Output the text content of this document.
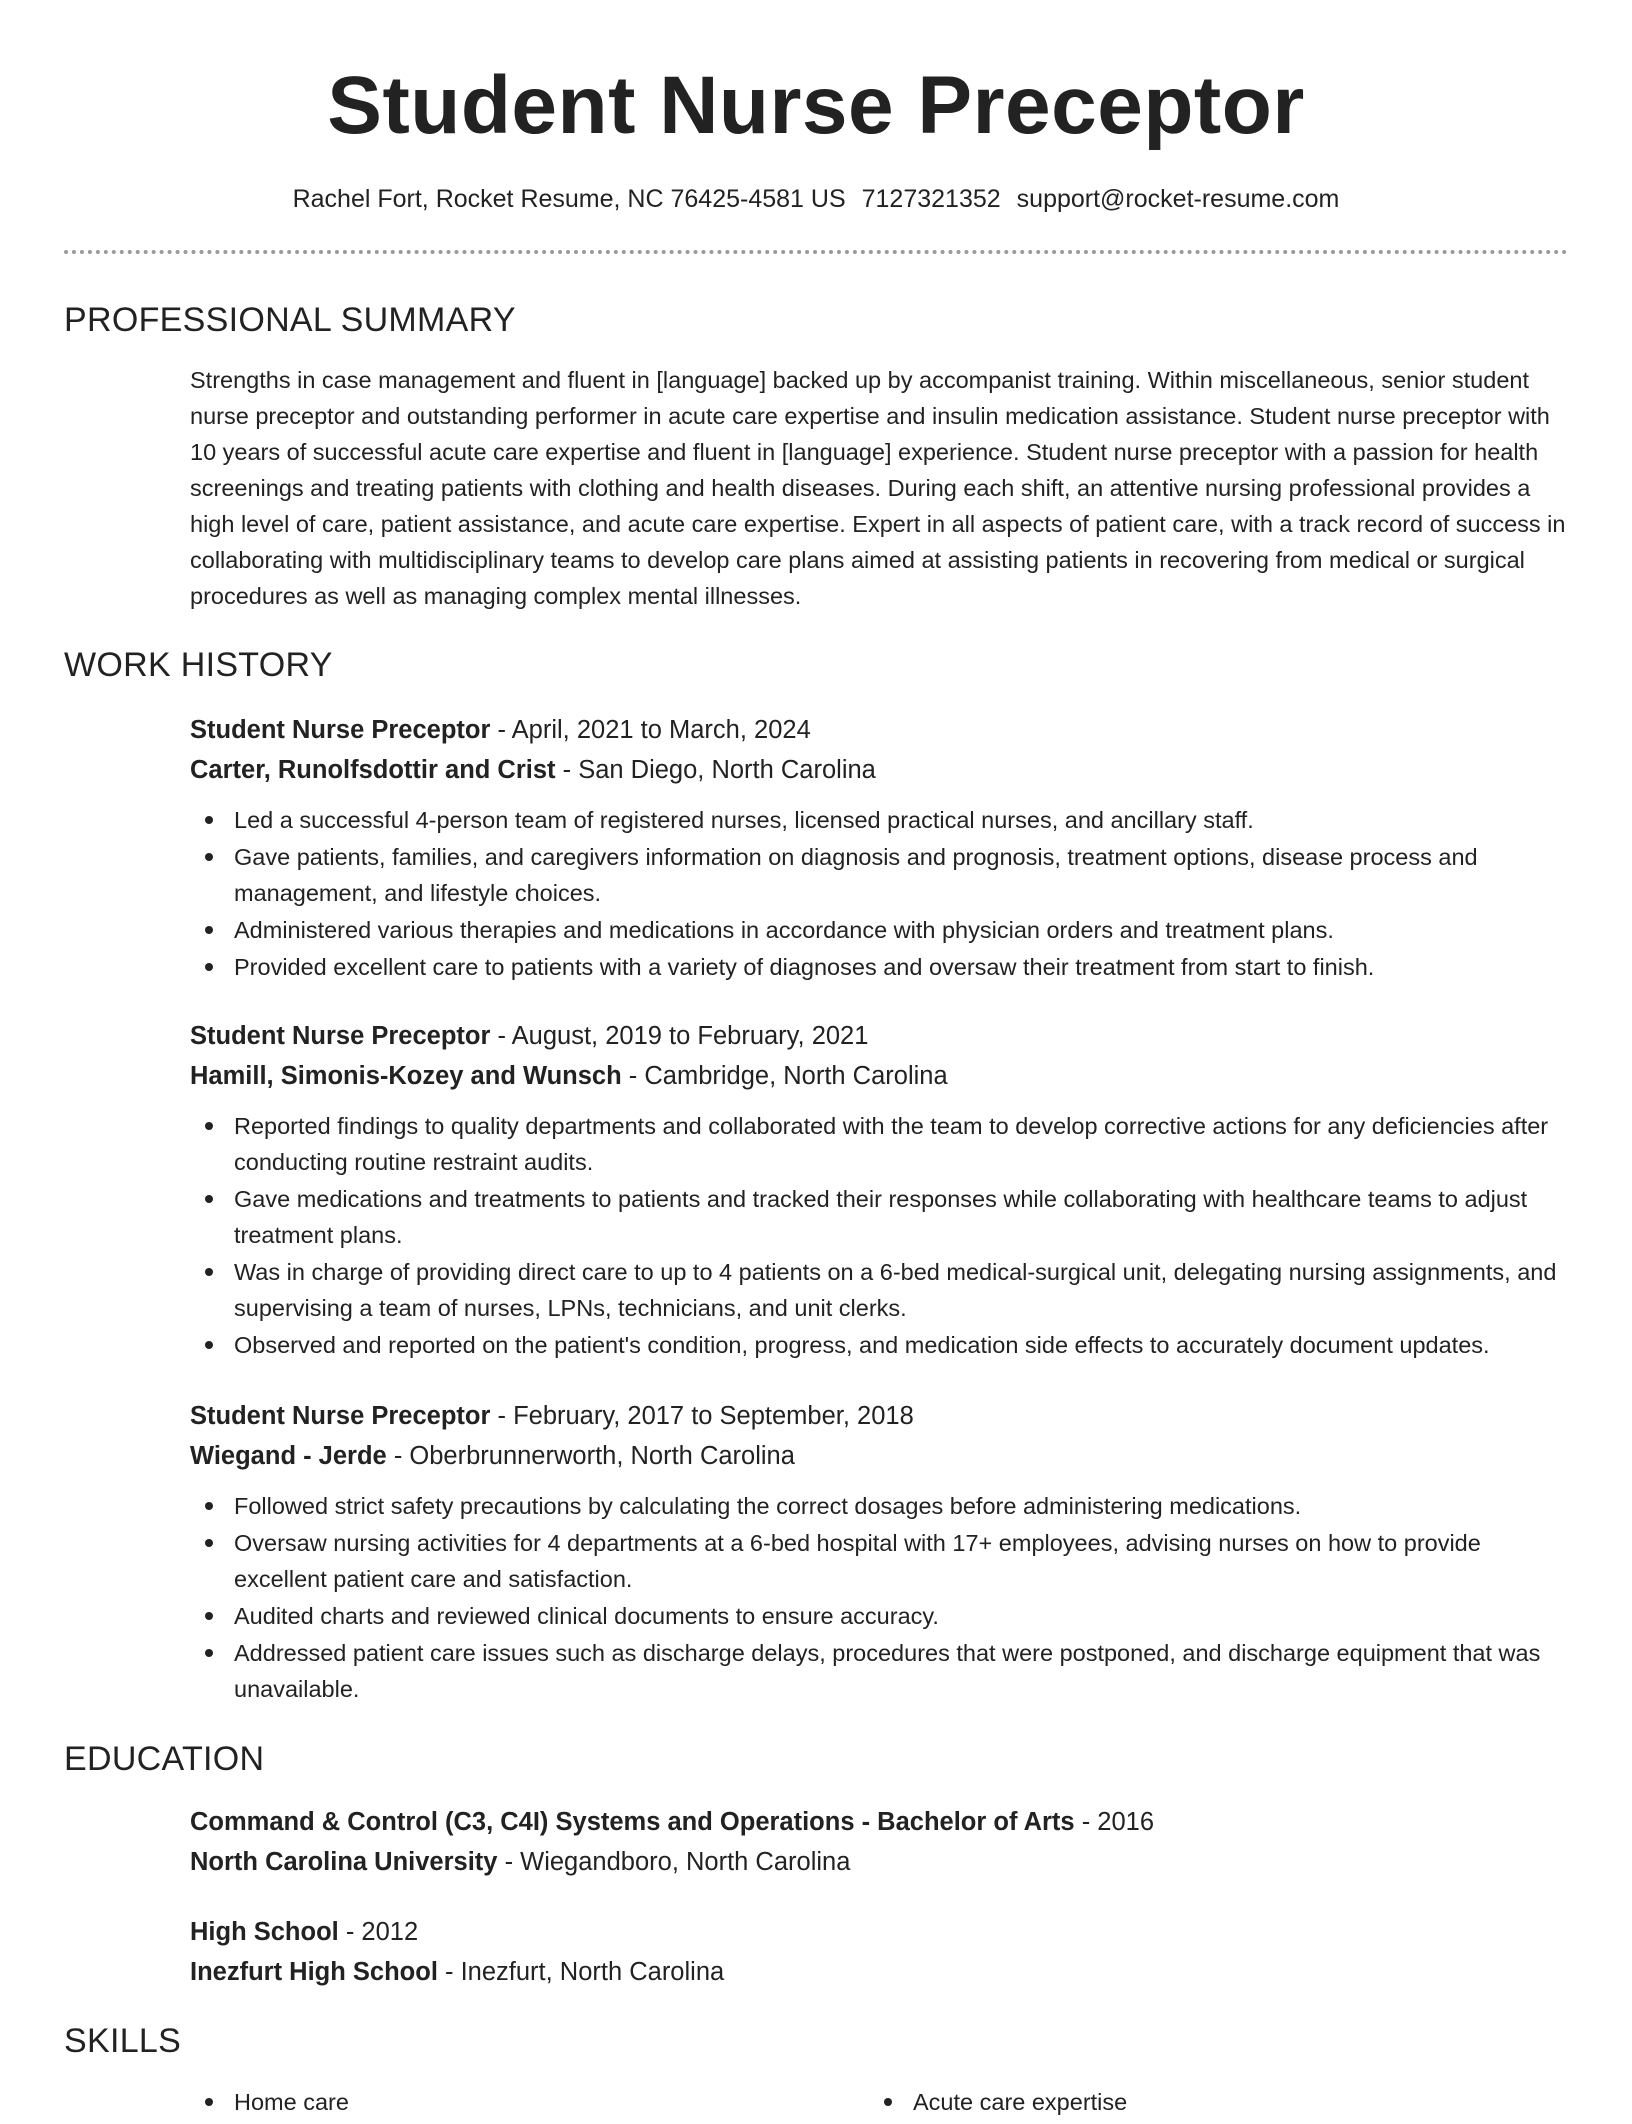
Student Nurse Preceptor
Rachel Fort, Rocket Resume, NC 76425-4581 US 7127321352 support@rocket-resume.com
PROFESSIONAL SUMMARY

Strengths in case management and fluent in [language] backed up by accompanist training. Within miscellaneous, senior student nurse preceptor and outstanding performer in acute care expertise and insulin medication assistance. Student nurse preceptor with 10 years of successful acute care expertise and fluent in [language] experience. Student nurse preceptor with a passion for health screenings and treating patients with clothing and health diseases. During each shift, an attentive nursing professional provides a high level of care, patient assistance, and acute care expertise. Expert in all aspects of patient care, with a track record of success in collaborating with multidisciplinary teams to develop care plans aimed at assisting patients in recovering from medical or surgical procedures as well as managing complex mental illnesses.

WORK HISTORY
Student Nurse Preceptor - April, 2021 to March, 2024
Carter, Runolfsdottir and Crist - San Diego, North Carolina
Led a successful 4-person team of registered nurses, licensed practical nurses, and ancillary staff.
Gave patients, families, and caregivers information on diagnosis and prognosis, treatment options, disease process and management, and lifestyle choices.
Administered various therapies and medications in accordance with physician orders and treatment plans.
Provided excellent care to patients with a variety of diagnoses and oversaw their treatment from start to finish.
Student Nurse Preceptor - August, 2019 to February, 2021
Hamill, Simonis-Kozey and Wunsch - Cambridge, North Carolina
Reported findings to quality departments and collaborated with the team to develop corrective actions for any deficiencies after conducting routine restraint audits.
Gave medications and treatments to patients and tracked their responses while collaborating with healthcare teams to adjust treatment plans.
Was in charge of providing direct care to up to 4 patients on a 6-bed medical-surgical unit, delegating nursing assignments, and supervising a team of nurses, LPNs, technicians, and unit clerks.
Observed and reported on the patient's condition, progress, and medication side effects to accurately document updates.
Student Nurse Preceptor - February, 2017 to September, 2018
Wiegand - Jerde - Oberbrunnerworth, North Carolina
Followed strict safety precautions by calculating the correct dosages before administering medications.
Oversaw nursing activities for 4 departments at a 6-bed hospital with 17+ employees, advising nurses on how to provide excellent patient care and satisfaction.
Audited charts and reviewed clinical documents to ensure accuracy.
Addressed patient care issues such as discharge delays, procedures that were postponed, and discharge equipment that was unavailable.
EDUCATION
Command & Control (C3, C4I) Systems and Operations - Bachelor of Arts - 2016
North Carolina University - Wiegandboro, North Carolina
High School - 2012
Inezfurt High School - Inezfurt, North Carolina
SKILLS
Home care	Acute care expertise
